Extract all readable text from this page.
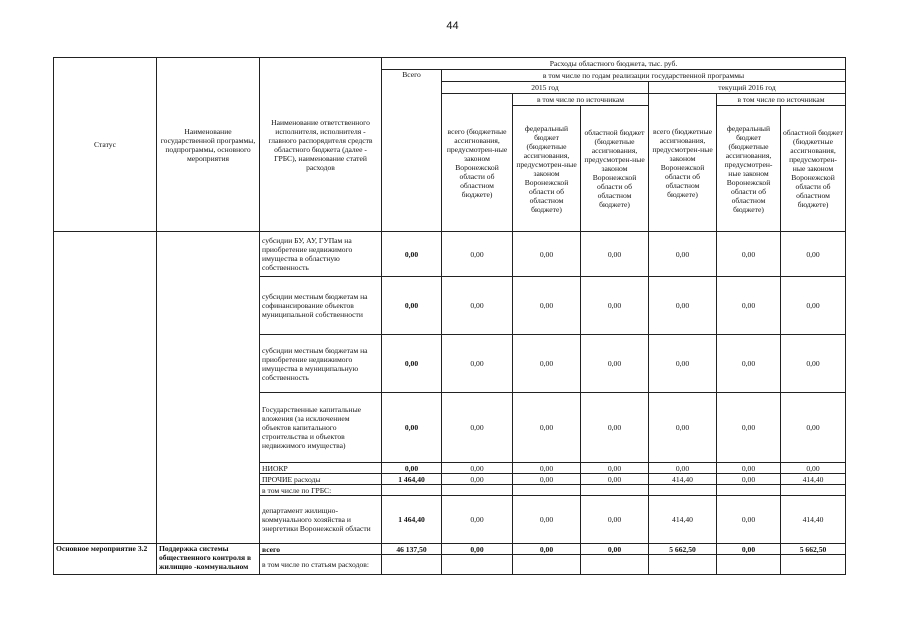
44
Статус	Наименование государственной программы, подпрограммы, основного мероприятия	Наименование ответственного исполнителя, исполнителя - главного распорядителя средств областного бюджета (далее - ГРБС), наименование статей расходов	Расходы областного бюджета, тыс. руб.						
			Всего	в том числе по годам реализации государственной программы					
				2015 год			текущий 2016 год		
				всего (бюджетные ассигнования, предусмотрен-ные законом Воронежской области об областном бюджете)	в том числе по источникам		всего (бюджетные ассигнования, предусмотрен-ные законом Воронежской области об областном бюджете)	в том числе по источникам	
					федеральный бюджет (бюджетные ассигнования, предусмотрен-ные законом Воронежской области об областном бюджете)	областной бюджет (бюджетные ассигнования, предусмотрен-ные законом Воронежской области об областном бюджете)		федеральный бюджет (бюджетные ассигнования, предусмотрен-ные законом Воронежской области об областном бюджете)	областной бюджет (бюджетные ассигнования, предусмотрен-ные законом Воронежской области об областном бюджете)
		субсидии БУ, АУ, ГУПам на приобретение недвижимого имущества в областную собственность	0,00	0,00	0,00	0,00	0,00	0,00	0,00
		субсидии местным бюджетам на софинансирование объектов муниципальной собственности	0,00	0,00	0,00	0,00	0,00	0,00	0,00
		субсидии местным бюджетам на приобретение недвижимого имущества в муниципальную собственность	0,00	0,00	0,00	0,00	0,00	0,00	0,00
		Государственные капитальные вложения (за исключением объектов капитального строительства и объектов недвижимого имущества)	0,00	0,00	0,00	0,00	0,00	0,00	0,00
		НИОКР	0,00	0,00	0,00	0,00	0,00	0,00	0,00
		ПРОЧИЕ расходы	1 464,40	0,00	0,00	0,00	414,40	0,00	414,40
		в том числе по ГРБС:							
		департамент жилищно-коммунального хозяйства и энергетики Воронежской области	1 464,40	0,00	0,00	0,00	414,40	0,00	414,40
Основное мероприятие 3.2	Поддержка системы общественного контроля в жилищно -коммунальном	всего	46 137,50	0,00	0,00	0,00	5 662,50	0,00	5 662,50
		в том числе по статьям расходов:							
